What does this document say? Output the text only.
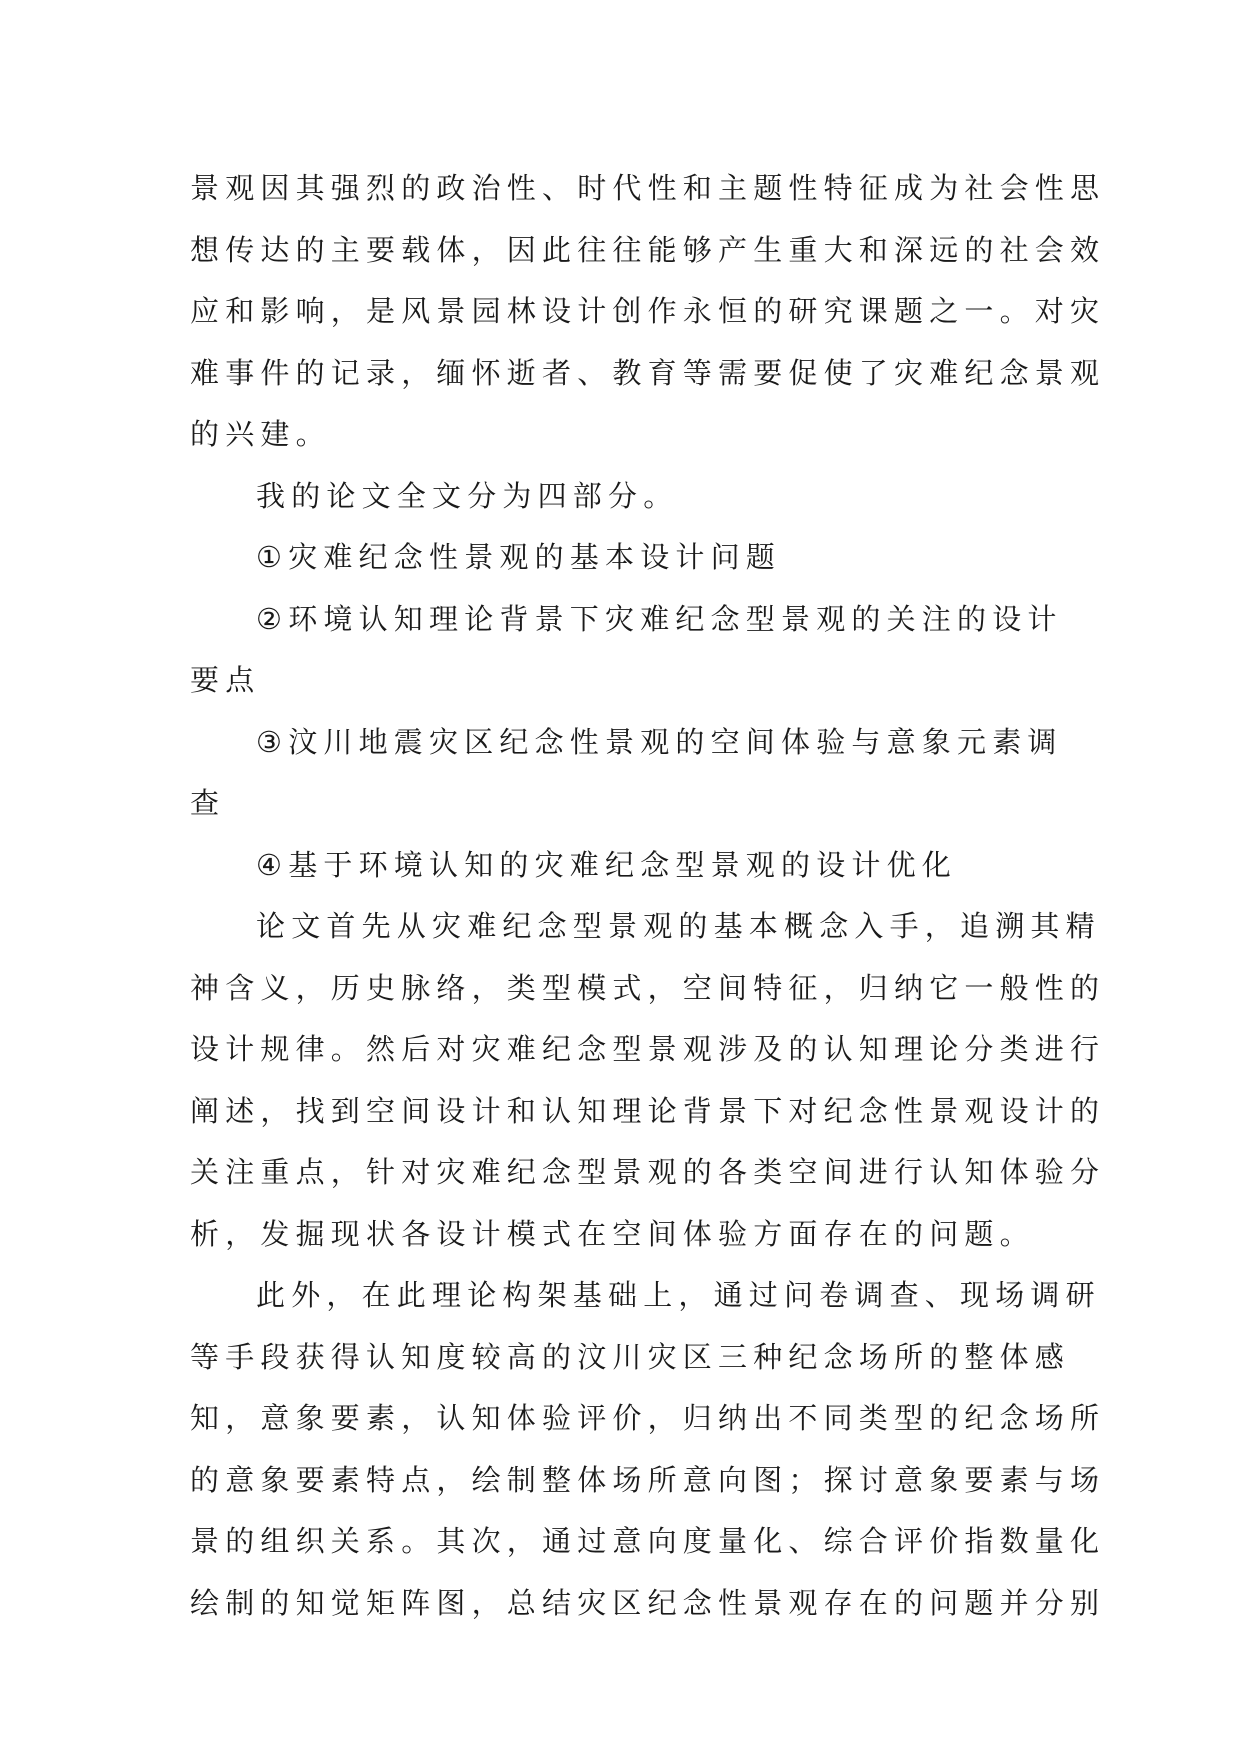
景观因其强烈的政治性、时代性和主题性特征成为社会性思
想传达的主要载体，因此往往能够产生重大和深远的社会效
应和影响，是风景园林设计创作永恒的研究课题之一。对灾
难事件的记录，缅怀逝者、教育等需要促使了灾难纪念景观
的兴建。
我的论文全文分为四部分。
①灾难纪念性景观的基本设计问题
②环境认知理论背景下灾难纪念型景观的关注的设计
要点
③汶川地震灾区纪念性景观的空间体验与意象元素调
查
④基于环境认知的灾难纪念型景观的设计优化
论文首先从灾难纪念型景观的基本概念入手，追溯其精
神含义，历史脉络，类型模式，空间特征，归纳它一般性的
设计规律。然后对灾难纪念型景观涉及的认知理论分类进行
阐述，找到空间设计和认知理论背景下对纪念性景观设计的
关注重点，针对灾难纪念型景观的各类空间进行认知体验分
析，发掘现状各设计模式在空间体验方面存在的问题。
此外，在此理论构架基础上，通过问卷调查、现场调研
等手段获得认知度较高的汶川灾区三种纪念场所的整体感
知，意象要素，认知体验评价，归纳出不同类型的纪念场所
的意象要素特点，绘制整体场所意向图；探讨意象要素与场
景的组织关系。其次，通过意向度量化、综合评价指数量化
绘制的知觉矩阵图，总结灾区纪念性景观存在的问题并分别
